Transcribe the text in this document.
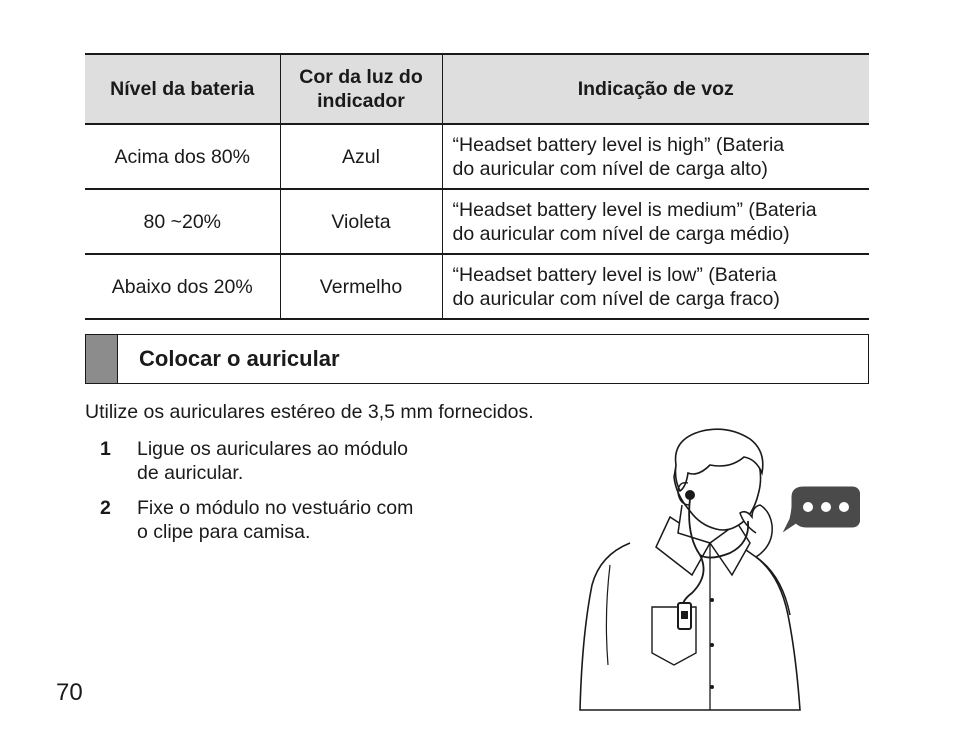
Nível da bateria	Cor da luz do indicador	Indicação de voz
Acima dos 80%	Azul	“Headset battery level is high” (Bateria
do auricular com nível de carga alto)

80 ~20%	Violeta	“Headset battery level is medium” (Bateria
do auricular com nível de carga médio)

Abaixo dos 20%	Vermelho	“Headset battery level is low” (Bateria
do auricular com nível de carga fraco)
Colocar o auricular
Utilize os auriculares estéreo de 3,5 mm fornecidos.
1 Ligue os auriculares ao módulo
de auricular.
2 Fixe o módulo no vestuário com
o clipe para camisa.
70
